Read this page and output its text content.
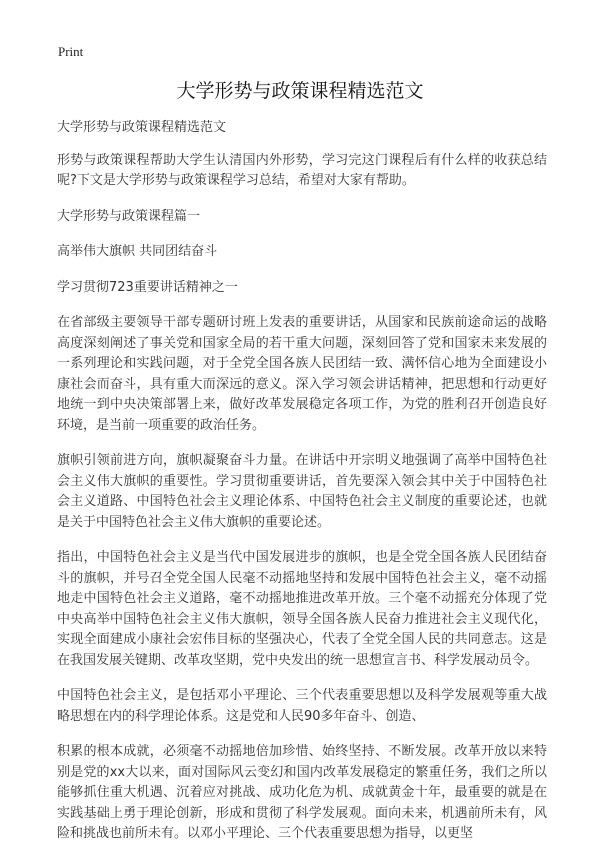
Print
大学形势与政策课程精选范文

大学形势与政策课程精选范文

形势与政策课程帮助大学生认清国内外形势，学习完这门课程后有什么样的收获总结呢?下文是大学形势与政策课程学习总结，希望对大家有帮助。

大学形势与政策课程篇一

高举伟大旗帜 共同团结奋斗

学习贯彻723重要讲话精神之一

在省部级主要领导干部专题研讨班上发表的重要讲话，从国家和民族前途命运的战略高度深刻阐述了事关党和国家全局的若干重大问题，深刻回答了党和国家未来发展的一系列理论和实践问题，对于全党全国各族人民团结一致、满怀信心地为全面建设小康社会而奋斗，具有重大而深远的意义。深入学习领会讲话精神，把思想和行动更好地统一到中央决策部署上来，做好改革发展稳定各项工作，为党的胜利召开创造良好环境，是当前一项重要的政治任务。

旗帜引领前进方向，旗帜凝聚奋斗力量。在讲话中开宗明义地强调了高举中国特色社会主义伟大旗帜的重要性。学习贯彻重要讲话，首先要深入领会其中关于中国特色社会主义道路、中国特色社会主义理论体系、中国特色社会主义制度的重要论述，也就是关于中国特色社会主义伟大旗帜的重要论述。

指出，中国特色社会主义是当代中国发展进步的旗帜，也是全党全国各族人民团结奋斗的旗帜，并号召全党全国人民毫不动摇地坚持和发展中国特色社会主义，毫不动摇地走中国特色社会主义道路，毫不动摇地推进改革开放。三个毫不动摇充分体现了党中央高举中国特色社会主义伟大旗帜，领导全国各族人民奋力推进社会主义现代化，实现全面建成小康社会宏伟目标的坚强决心，代表了全党全国人民的共同意志。这是在我国发展关键期、改革攻坚期，党中央发出的统一思想宣言书、科学发展动员令。

中国特色社会主义，是包括邓小平理论、三个代表重要思想以及科学发展观等重大战略思想在内的科学理论体系。这是党和人民90多年奋斗、创造、

积累的根本成就，必须毫不动摇地倍加珍惜、始终坚持、不断发展。改革开放以来特别是党的xx大以来，面对国际风云变幻和国内改革发展稳定的繁重任务，我们之所以能够抓住重大机遇、沉着应对挑战、成功化危为机、成就黄金十年，最重要的就是在实践基础上勇于理论创新，形成和贯彻了科学发展观。面向未来，机遇前所未有，风险和挑战也前所未有。以邓小平理论、三个代表重要思想为指导，以更坚
